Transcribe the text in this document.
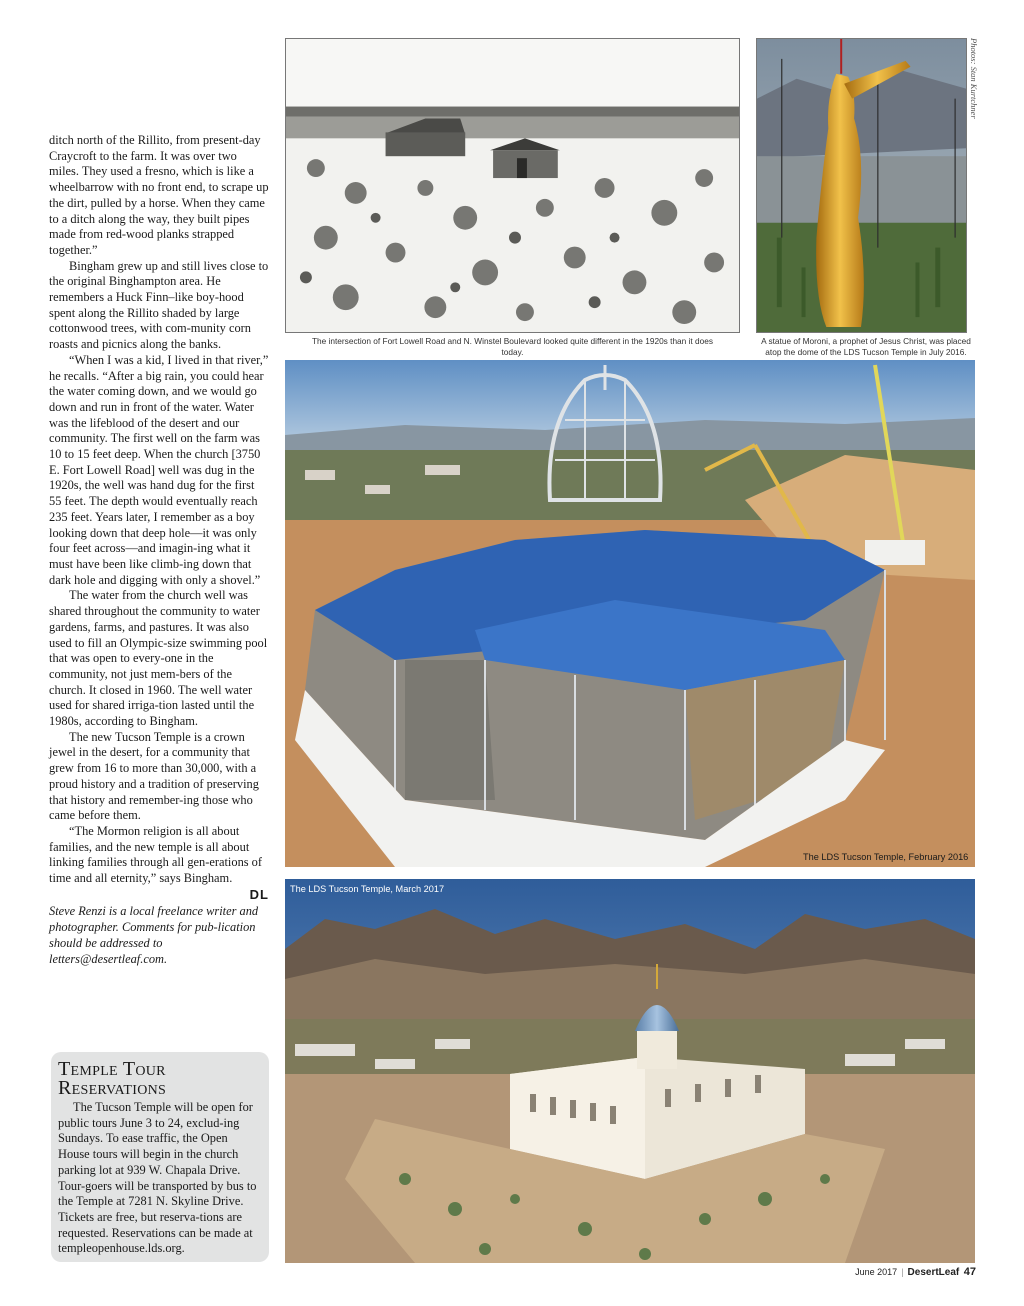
ditch north of the Rillito, from present-day Craycroft to the farm. It was over two miles. They used a fresno, which is like a wheelbarrow with no front end, to scrape up the dirt, pulled by a horse. When they came to a ditch along the way, they built pipes made from red-wood planks strapped together.”

Bingham grew up and still lives close to the original Binghampton area. He remembers a Huck Finn–like boy-hood spent along the Rillito shaded by large cottonwood trees, with com-munity corn roasts and picnics along the banks.

“When I was a kid, I lived in that river,” he recalls. “After a big rain, you could hear the water coming down, and we would go down and run in front of the water. Water was the lifeblood of the desert and our community. The first well on the farm was 10 to 15 feet deep. When the church [3750 E. Fort Lowell Road] well was dug in the 1920s, the well was hand dug for the first 55 feet. The depth would eventually reach 235 feet. Years later, I remember as a boy looking down that deep hole—it was only four feet across—and imagin-ing what it must have been like climb-ing down that dark hole and digging with only a shovel.”

The water from the church well was shared throughout the community to water gardens, farms, and pastures. It was also used to fill an Olympic-size swimming pool that was open to every-one in the community, not just mem-bers of the church. It closed in 1960. The well water used for shared irriga-tion lasted until the 1980s, according to Bingham.

The new Tucson Temple is a crown jewel in the desert, for a community that grew from 16 to more than 30,000, with a proud history and a tradition of preserving that history and remember-ing those who came before them.

“The Mormon religion is all about families, and the new temple is all about linking families through all gen-erations of time and all eternity,” says Bingham.

DL

Steve Renzi is a local freelance writer and photographer. Comments for pub-lication should be addressed to letters@desertleaf.com.

Temple Tour
Reservations

The Tucson Temple will be open for public tours June 3 to 24, exclud-ing Sundays. To ease traffic, the Open House tours will begin in the church parking lot at 939 W. Chapala Drive. Tour-goers will be transported by bus to the Temple at 7281 N. Skyline Drive. Tickets are free, but reserva-tions are requested. Reservations can be made at templeopenhouse.lds.org.

The intersection of Fort Lowell Road and N. Winstel Boulevard looked quite different in the 1920s than it does today.
Photos: Stan Kurtchner
A statue of Moroni, a prophet of Jesus Christ, was placed atop the dome of the LDS Tucson Temple in July 2016.
The LDS Tucson Temple, February 2016
The LDS Tucson Temple, March 2017
June 2017 | DesertLeaf 47
